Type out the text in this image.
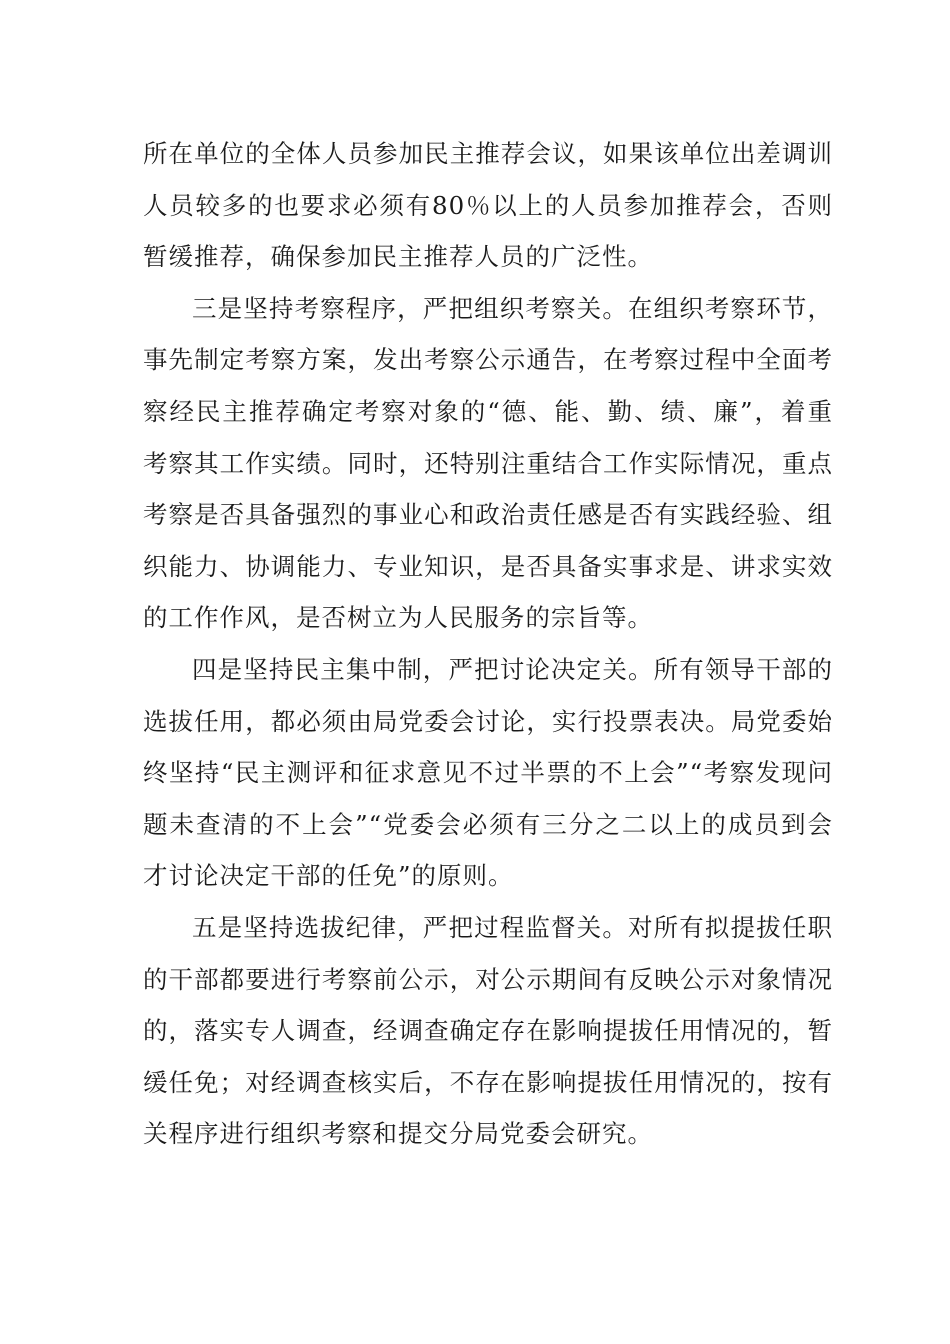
所在单位的全体人员参加民主推荐会议，如果该单位出差调训人员较多的也要求必须有80％以上的人员参加推荐会，否则暂缓推荐，确保参加民主推荐人员的广泛性。

三是坚持考察程序，严把组织考察关。在组织考察环节，事先制定考察方案，发出考察公示通告，在考察过程中全面考察经民主推荐确定考察对象的“德、能、勤、绩、廉”，着重考察其工作实绩。同时，还特别注重结合工作实际情况，重点考察是否具备强烈的事业心和政治责任感是否有实践经验、组织能力、协调能力、专业知识，是否具备实事求是、讲求实效的工作作风，是否树立为人民服务的宗旨等。

四是坚持民主集中制，严把讨论决定关。所有领导干部的选拔任用，都必须由局党委会讨论，实行投票表决。局党委始终坚持“民主测评和征求意见不过半票的不上会”“考察发现问题未查清的不上会”“党委会必须有三分之二以上的成员到会才讨论决定干部的任免”的原则。

五是坚持选拔纪律，严把过程监督关。对所有拟提拔任职的干部都要进行考察前公示，对公示期间有反映公示对象情况的，落实专人调查，经调查确定存在影响提拔任用情况的，暂缓任免；对经调查核实后，不存在影响提拔任用情况的，按有关程序进行组织考察和提交分局党委会研究。
